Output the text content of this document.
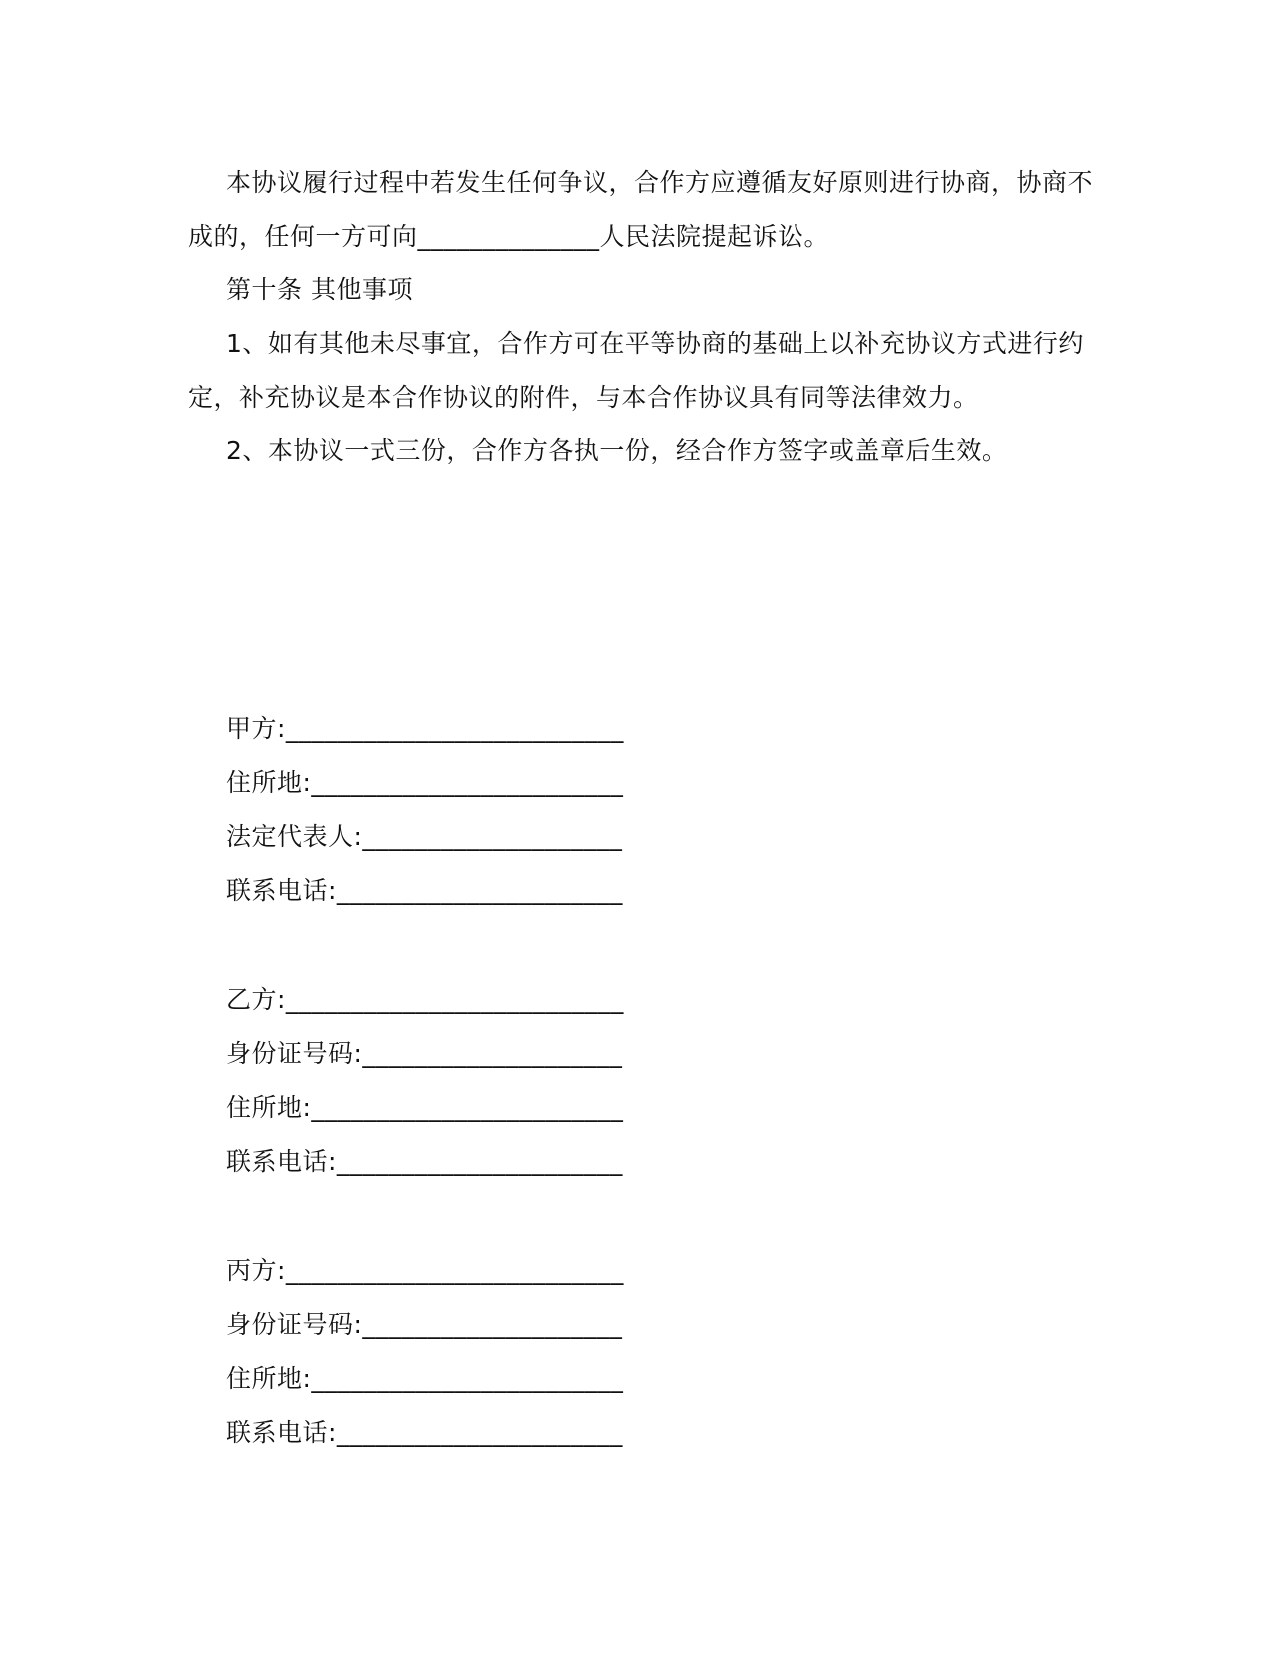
本协议履行过程中若发生任何争议，合作方应遵循友好原则进行协商，协商不
成的，任何一方可向______________人民法院提起诉讼。
第十条 其他事项
1、如有其他未尽事宜，合作方可在平等协商的基础上以补充协议方式进行约
定，补充协议是本合作协议的附件，与本合作协议具有同等法律效力。
2、本协议一式三份，合作方各执一份，经合作方签字或盖章后生效。
甲方:__________________________
住所地:________________________
法定代表人:____________________
联系电话:______________________
乙方:__________________________
身份证号码:____________________
住所地:________________________
联系电话:______________________
丙方:__________________________
身份证号码:____________________
住所地:________________________
联系电话:______________________
